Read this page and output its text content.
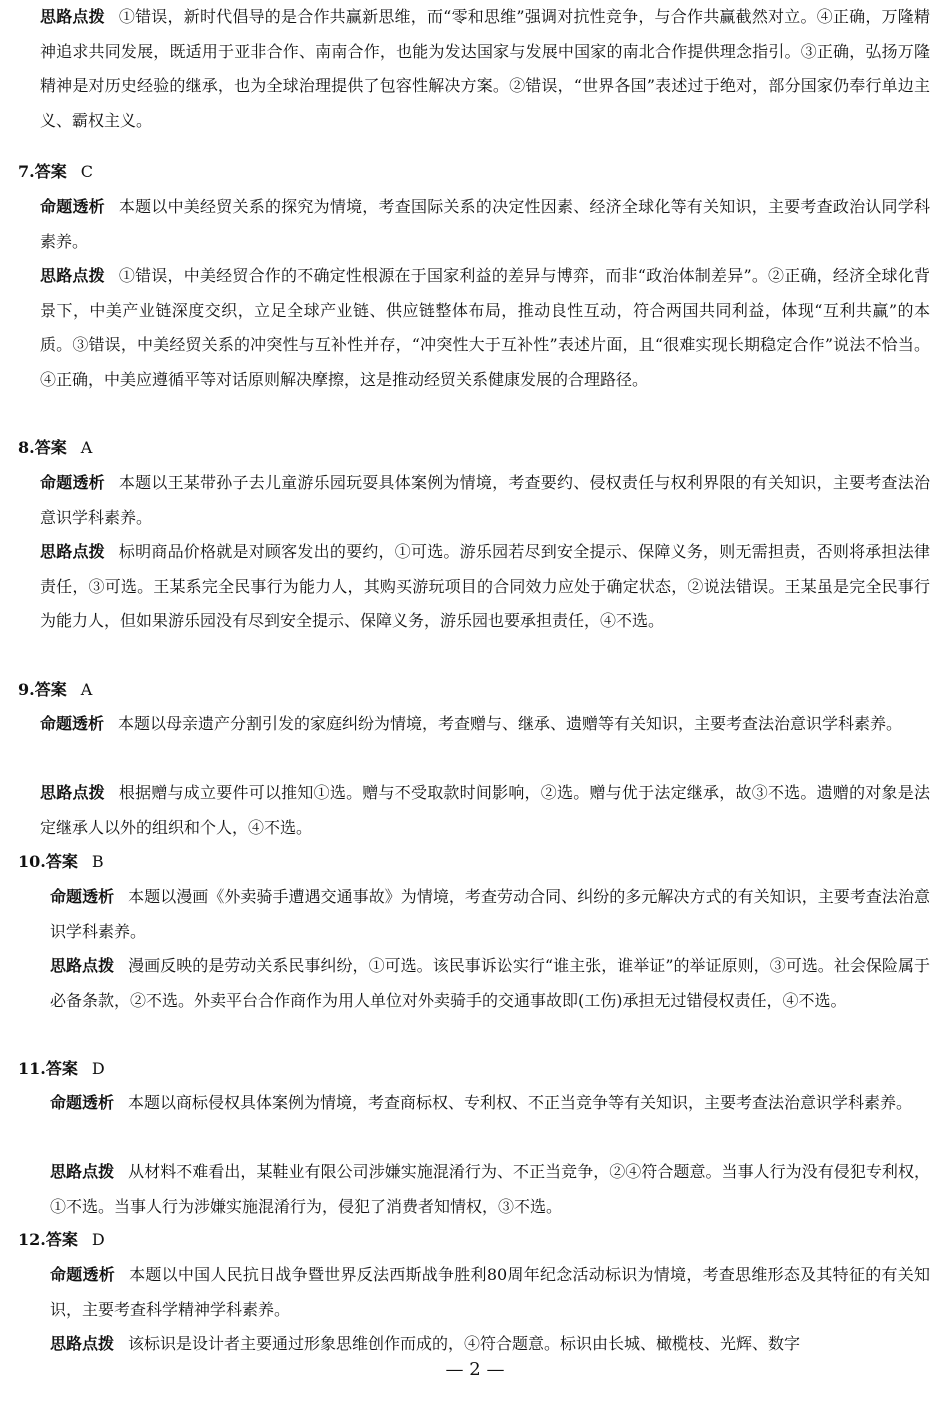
思路点拨 ①错误，新时代倡导的是合作共赢新思维，而“零和思维”强调对抗性竞争，与合作共赢截然对立。④正确，万隆精神追求共同发展，既适用于亚非合作、南南合作，也能为发达国家与发展中国家的南北合作提供理念指引。③正确，弘扬万隆精神是对历史经验的继承，也为全球治理提供了包容性解决方案。②错误，“世界各国”表述过于绝对，部分国家仍奉行单边主义、霸权主义。

7.答案 C

命题透析 本题以中美经贸关系的探究为情境，考查国际关系的决定性因素、经济全球化等有关知识，主要考查政治认同学科素养。

思路点拨 ①错误，中美经贸合作的不确定性根源在于国家利益的差异与博弈，而非“政治体制差异”。②正确，经济全球化背景下，中美产业链深度交织，立足全球产业链、供应链整体布局，推动良性互动，符合两国共同利益，体现“互利共赢”的本质。③错误，中美经贸关系的冲突性与互补性并存，“冲突性大于互补性”表述片面，且“很难实现长期稳定合作”说法不恰当。④正确，中美应遵循平等对话原则解决摩擦，这是推动经贸关系健康发展的合理路径。

8.答案 A

命题透析 本题以王某带孙子去儿童游乐园玩耍具体案例为情境，考查要约、侵权责任与权利界限的有关知识，主要考查法治意识学科素养。

思路点拨 标明商品价格就是对顾客发出的要约，①可选。游乐园若尽到安全提示、保障义务，则无需担责，否则将承担法律责任，③可选。王某系完全民事行为能力人，其购买游玩项目的合同效力应处于确定状态，②说法错误。王某虽是完全民事行为能力人，但如果游乐园没有尽到安全提示、保障义务，游乐园也要承担责任，④不选。

9.答案 A

命题透析 本题以母亲遗产分割引发的家庭纠纷为情境，考查赠与、继承、遗赠等有关知识，主要考查法治意识学科素养。

思路点拨 根据赠与成立要件可以推知①选。赠与不受取款时间影响，②选。赠与优于法定继承，故③不选。遗赠的对象是法定继承人以外的组织和个人，④不选。

10.答案 B

命题透析 本题以漫画《外卖骑手遭遇交通事故》为情境，考查劳动合同、纠纷的多元解决方式的有关知识，主要考查法治意识学科素养。

思路点拨 漫画反映的是劳动关系民事纠纷，①可选。该民事诉讼实行“谁主张，谁举证”的举证原则，③可选。社会保险属于必备条款，②不选。外卖平台合作商作为用人单位对外卖骑手的交通事故即(工伤)承担无过错侵权责任，④不选。

11.答案 D

命题透析 本题以商标侵权具体案例为情境，考查商标权、专利权、不正当竞争等有关知识，主要考查法治意识学科素养。

思路点拨 从材料不难看出，某鞋业有限公司涉嫌实施混淆行为、不正当竞争，②④符合题意。当事人行为没有侵犯专利权，①不选。当事人行为涉嫌实施混淆行为，侵犯了消费者知情权，③不选。

12.答案 D

命题透析 本题以中国人民抗日战争暨世界反法西斯战争胜利80周年纪念活动标识为情境，考查思维形态及其特征的有关知识，主要考查科学精神学科素养。

思路点拨 该标识是设计者主要通过形象思维创作而成的，④符合题意。标识由长城、橄榄枝、光辉、数字

— 2 —
